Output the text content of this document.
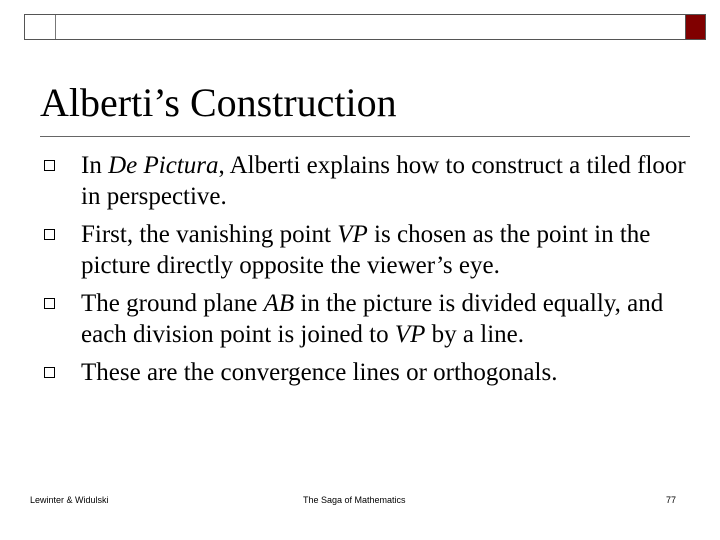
Alberti’s Construction
In De Pictura, Alberti explains how to construct a tiled floor in perspective.
First, the vanishing point VP is chosen as the point in the picture directly opposite the viewer’s eye.
The ground plane AB in the picture is divided equally, and each division point is joined to VP by a line.
These are the convergence lines or orthogonals.
Lewinter & Widulski	The Saga of Mathematics	77
